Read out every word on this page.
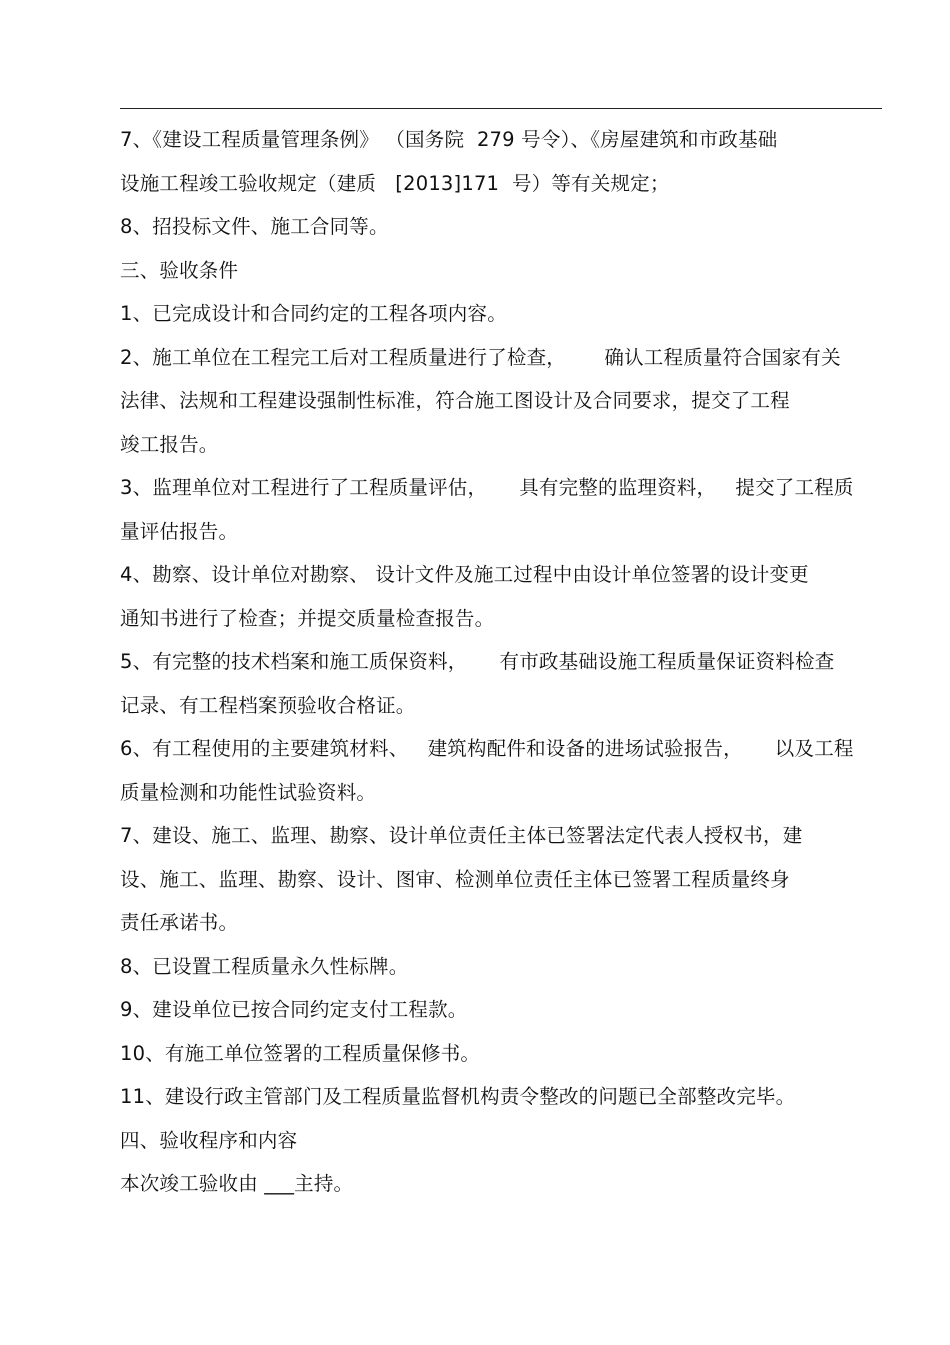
7、《建设工程质量管理条例》 （国务院  279 号令）、《房屋建筑和市政基础
设施工程竣工验收规定（建质   [2013]171  号）等有关规定；
8、招投标文件、施工合同等。
三、验收条件
1、已完成设计和合同约定的工程各项内容。
2、施工单位在工程完工后对工程质量进行了检查，      确认工程质量符合国家有关
法律、法规和工程建设强制性标准，符合施工图设计及合同要求，提交了工程
竣工报告。
3、监理单位对工程进行了工程质量评估，     具有完整的监理资料，   提交了工程质
量评估报告。
4、勘察、设计单位对勘察、 设计文件及施工过程中由设计单位签署的设计变更
通知书进行了检查；并提交质量检查报告。
5、有完整的技术档案和施工质保资料，     有市政基础设施工程质量保证资料检查
记录、有工程档案预验收合格证。
6、有工程使用的主要建筑材料、   建筑构配件和设备的进场试验报告，     以及工程
质量检测和功能性试验资料。
7、建设、施工、监理、勘察、设计单位责任主体已签署法定代表人授权书，建
设、施工、监理、勘察、设计、图审、检测单位责任主体已签署工程质量终身
责任承诺书。
8、已设置工程质量永久性标牌。
9、建设单位已按合同约定支付工程款。
10、有施工单位签署的工程质量保修书。
11、建设行政主管部门及工程质量监督机构责令整改的问题已全部整改完毕。
四、验收程序和内容
本次竣工验收由 ___主持。
